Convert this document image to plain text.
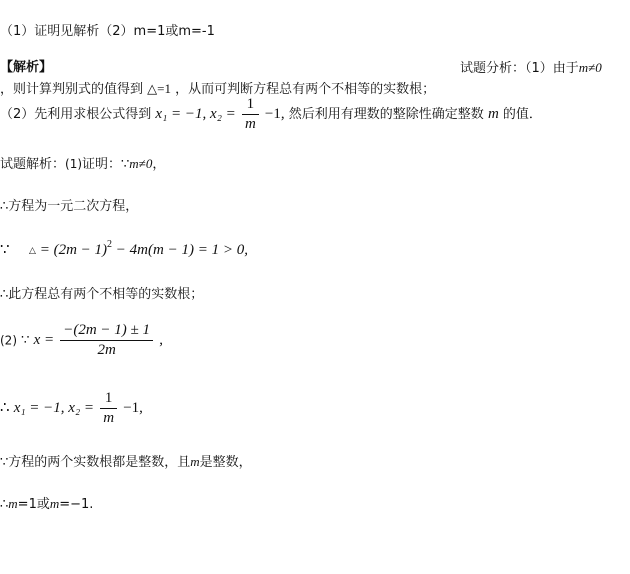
（1）证明见解析（2）m=1或m=-1
【解析】	试题分析：（1）由于m≠0
，则计算判别式的值得到 △=1 ，从而可判断方程总有两个不相等的实数根；
（2）先利用求根公式得到 x₁ = −1, $x_2 = \frac{1}{m} -1$, 然后利用有理数的整除性确定整数 m 的值．
试题解析：(1)证明：∵m≠0，
∴方程为一元二次方程，
∵ △ = $(2m - 1)^2 - 4m(m - 1) = 1 > 0$,
∴此方程总有两个不相等的实数根；
(2) ∵ $x = \frac{-(2m - 1) \pm 1}{2m}$ ,
∴ x₁ = −1, $x_2 = \frac{1}{m} -1$,
∵方程的两个实数根都是整数，且m是整数，
∴m=1或m=−1.
